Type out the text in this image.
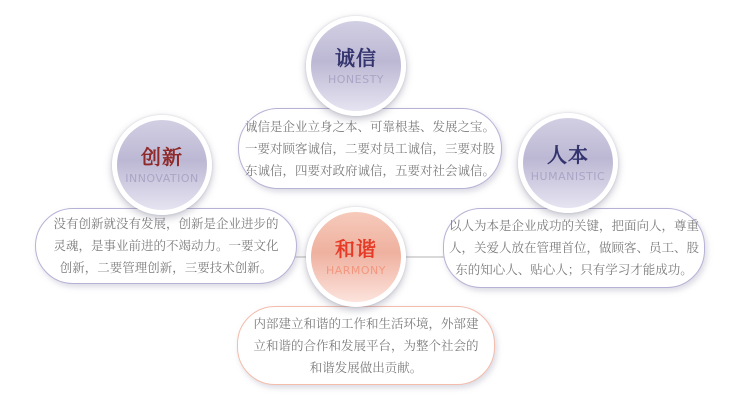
诚信是企业立身之本、可靠根基、发展之宝。
一要对顾客诚信，二要对员工诚信，三要对股
东诚信，四要对政府诚信，五要对社会诚信。
没有创新就没有发展，创新是企业进步的
灵魂，是事业前进的不竭动力。一要文化
创新，二要管理创新，三要技术创新。
以人为本是企业成功的关键，把面向人，尊重
人，关爱人放在管理首位，做顾客、员工、股
东的知心人、贴心人；只有学习才能成功。
内部建立和谐的工作和生活环境，外部建
立和谐的合作和发展平台，为整个社会的
和谐发展做出贡献。
诚信
HONESTY
创新
INNOVATION
人本
HUMANISTIC
和谐
HARMONY
